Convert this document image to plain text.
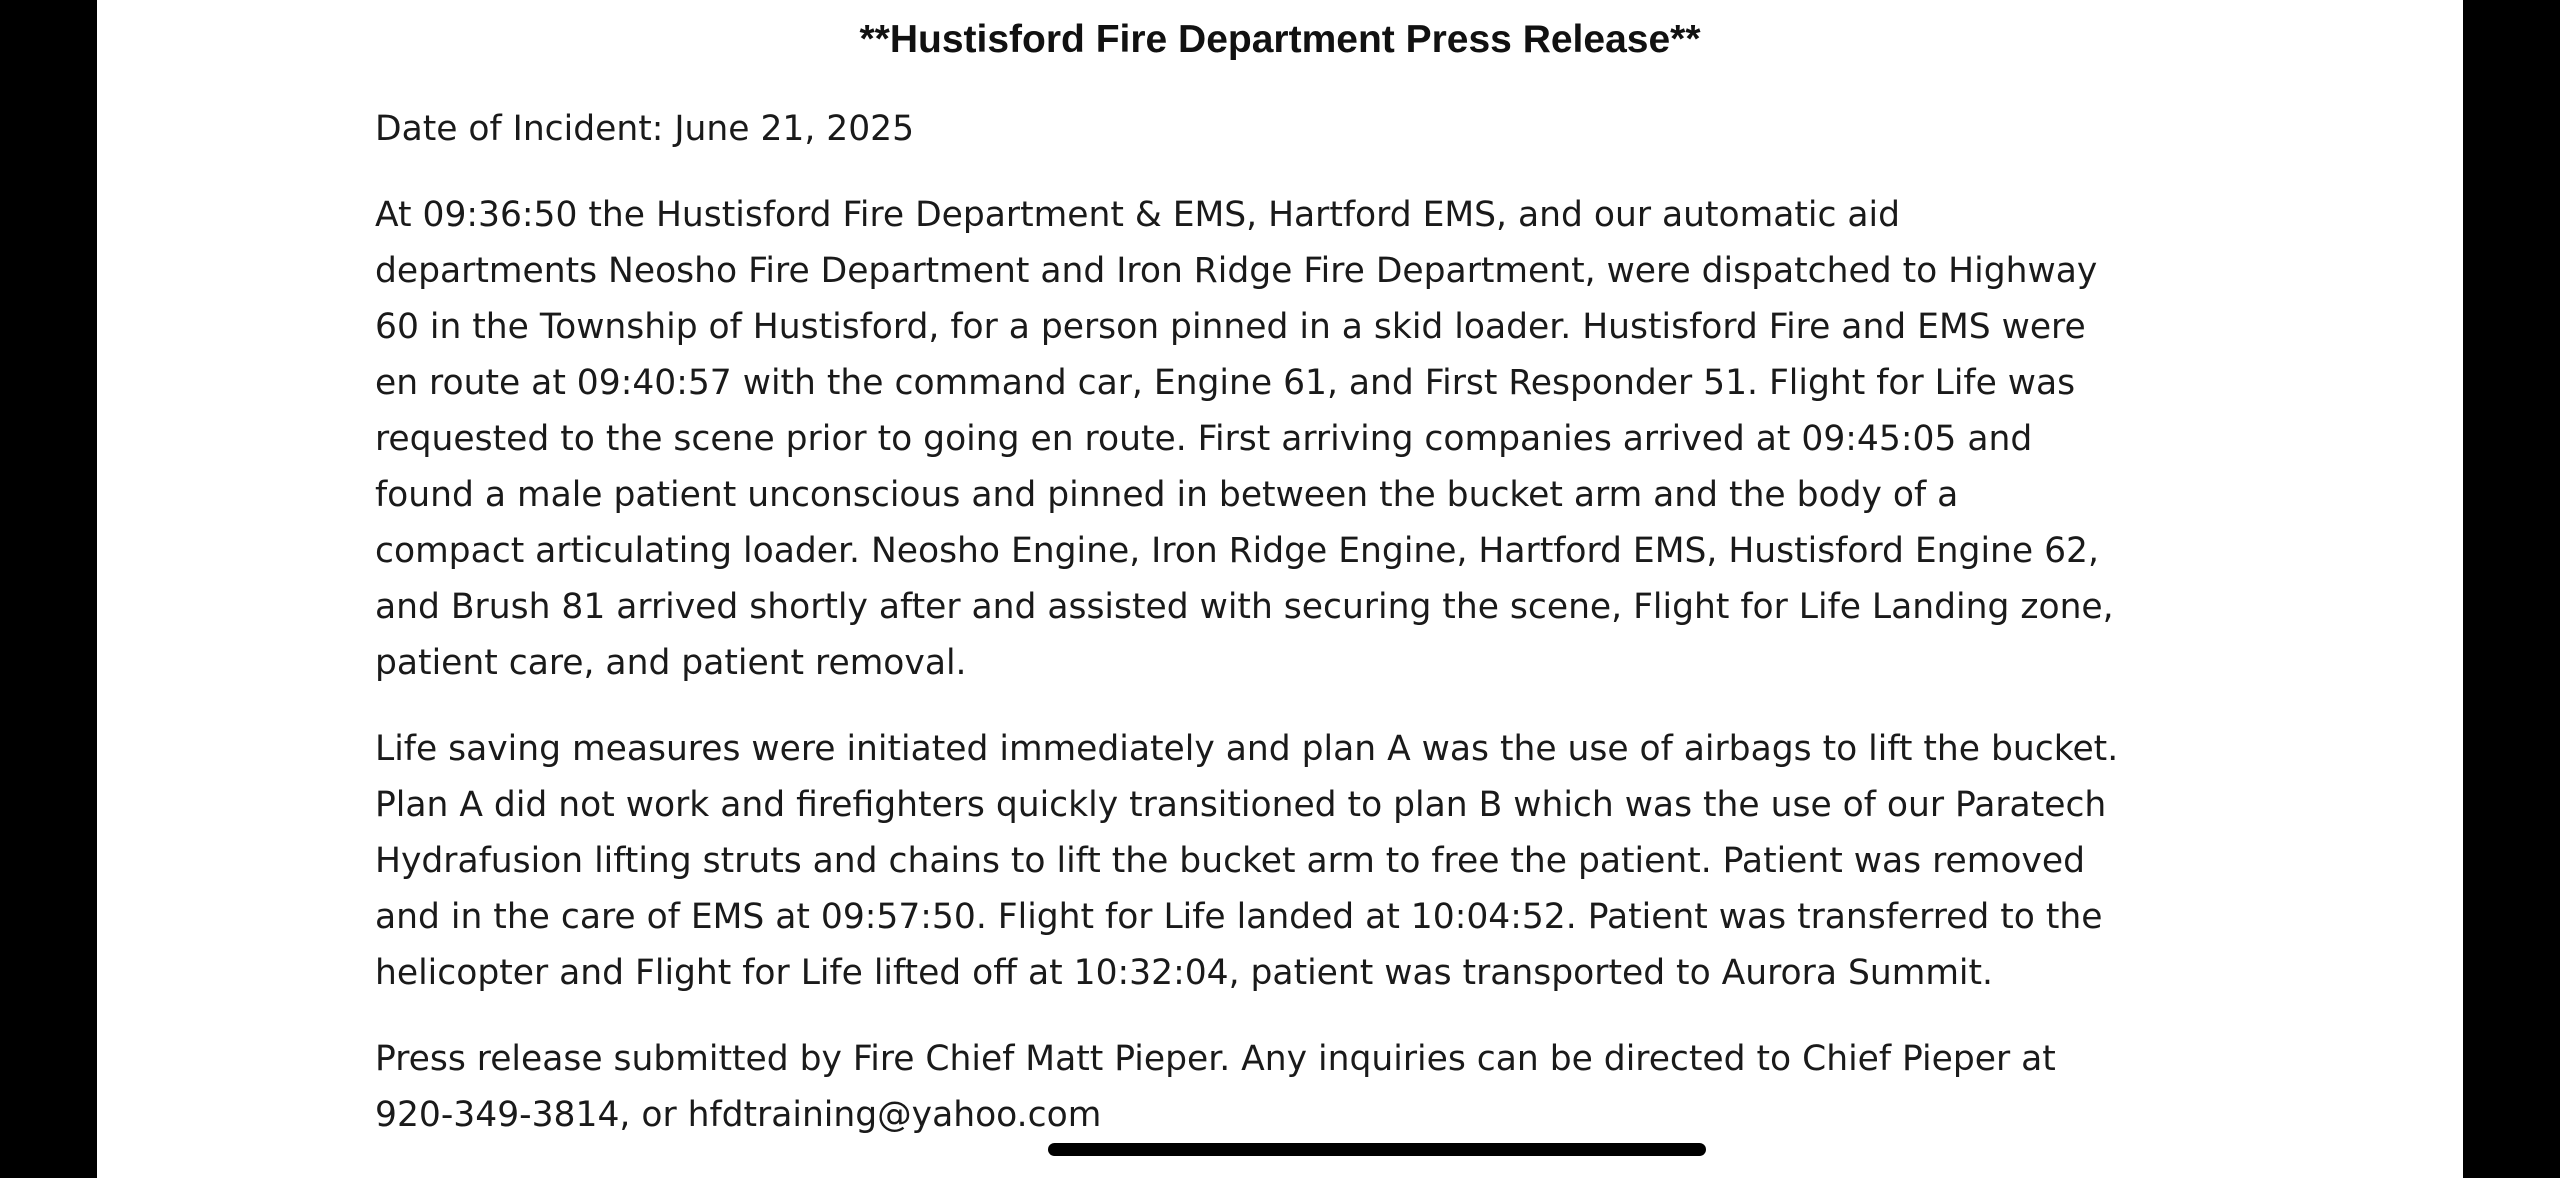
**Hustisford Fire Department Press Release**

Date of Incident: June 21, 2025

At 09:36:50 the Hustisford Fire Department & EMS, Hartford EMS, and our automatic aid
departments Neosho Fire Department and Iron Ridge Fire Department, were dispatched to Highway
60 in the Township of Hustisford, for a person pinned in a skid loader. Hustisford Fire and EMS were
en route at 09:40:57 with the command car, Engine 61, and First Responder 51. Flight for Life was
requested to the scene prior to going en route. First arriving companies arrived at 09:45:05 and
found a male patient unconscious and pinned in between the bucket arm and the body of a
compact articulating loader. Neosho Engine, Iron Ridge Engine, Hartford EMS, Hustisford Engine 62,
and Brush 81 arrived shortly after and assisted with securing the scene, Flight for Life Landing zone,
patient care, and patient removal.

Life saving measures were initiated immediately and plan A was the use of airbags to lift the bucket.
Plan A did not work and firefighters quickly transitioned to plan B which was the use of our Paratech
Hydrafusion lifting struts and chains to lift the bucket arm to free the patient. Patient was removed
and in the care of EMS at 09:57:50. Flight for Life landed at 10:04:52. Patient was transferred to the
helicopter and Flight for Life lifted off at 10:32:04, patient was transported to Aurora Summit.

Press release submitted by Fire Chief Matt Pieper. Any inquiries can be directed to Chief Pieper at
920-349-3814, or hfdtraining@yahoo.com
